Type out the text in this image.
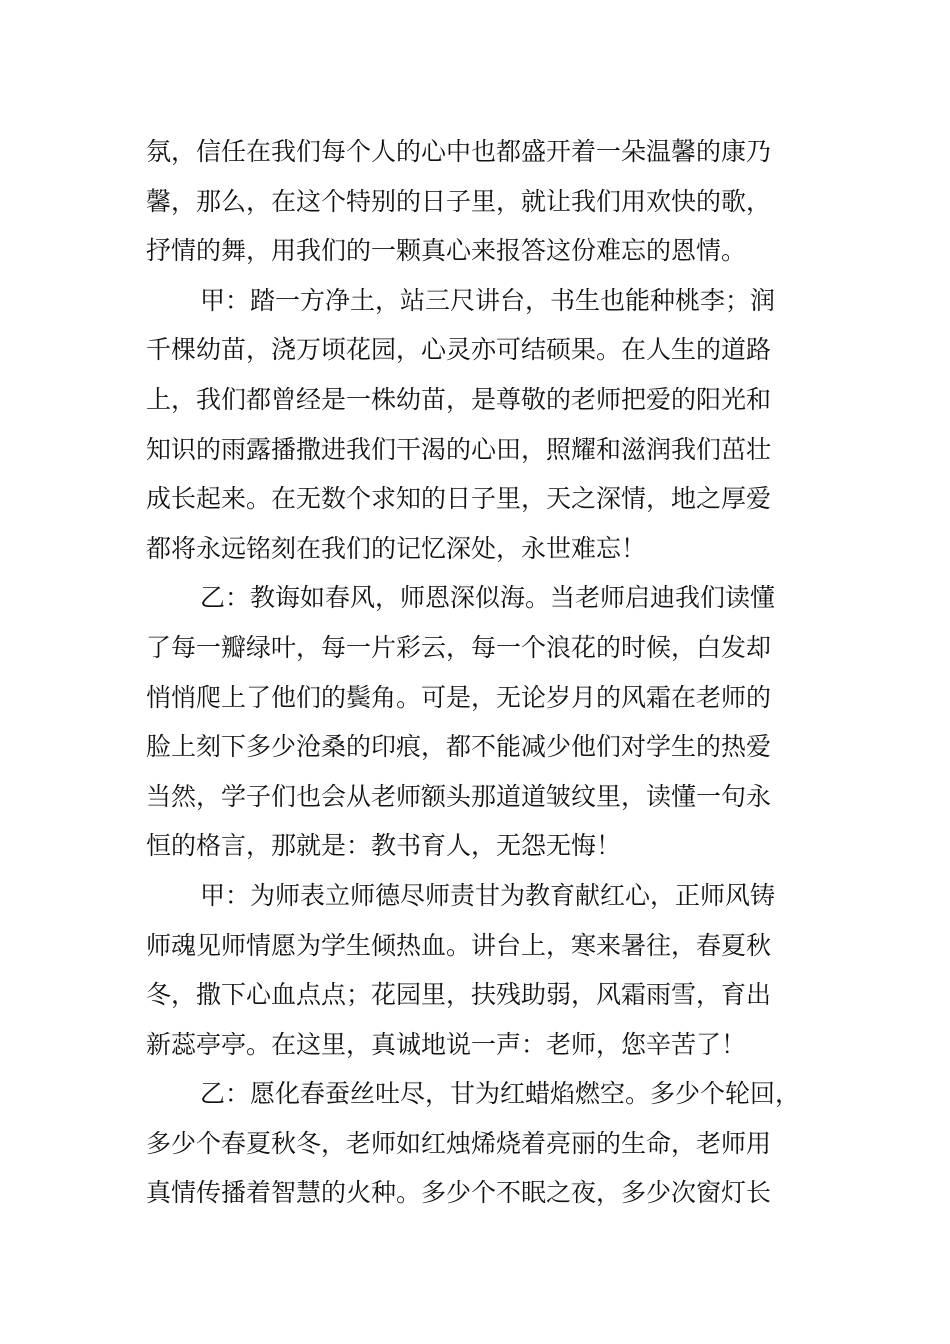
氛，信任在我们每个人的心中也都盛开着一朵温馨的康乃
馨，那么，在这个特别的日子里，就让我们用欢快的歌，
抒情的舞，用我们的一颗真心来报答这份难忘的恩情。
甲：踏一方净土，站三尺讲台，书生也能种桃李；润
千棵幼苗，浇万顷花园，心灵亦可结硕果。在人生的道路
上，我们都曾经是一株幼苗，是尊敬的老师把爱的阳光和
知识的雨露播撒进我们干渴的心田，照耀和滋润我们茁壮
成长起来。在无数个求知的日子里，天之深情，地之厚爱
都将永远铭刻在我们的记忆深处，永世难忘！
乙：教诲如春风，师恩深似海。当老师启迪我们读懂
了每一瓣绿叶，每一片彩云，每一个浪花的时候，白发却
悄悄爬上了他们的鬓角。可是，无论岁月的风霜在老师的
脸上刻下多少沧桑的印痕，都不能减少他们对学生的热爱
当然，学子们也会从老师额头那道道皱纹里，读懂一句永
恒的格言，那就是：教书育人，无怨无悔！
甲：为师表立师德尽师责甘为教育献红心，正师风铸
师魂见师情愿为学生倾热血。讲台上，寒来暑往，春夏秋
冬，撒下心血点点；花园里，扶残助弱，风霜雨雪，育出
新蕊亭亭。在这里，真诚地说一声：老师，您辛苦了！
乙：愿化春蚕丝吐尽，甘为红蜡焰燃空。多少个轮回，
多少个春夏秋冬，老师如红烛烯烧着亮丽的生命，老师用
真情传播着智慧的火种。多少个不眠之夜，多少次窗灯长
